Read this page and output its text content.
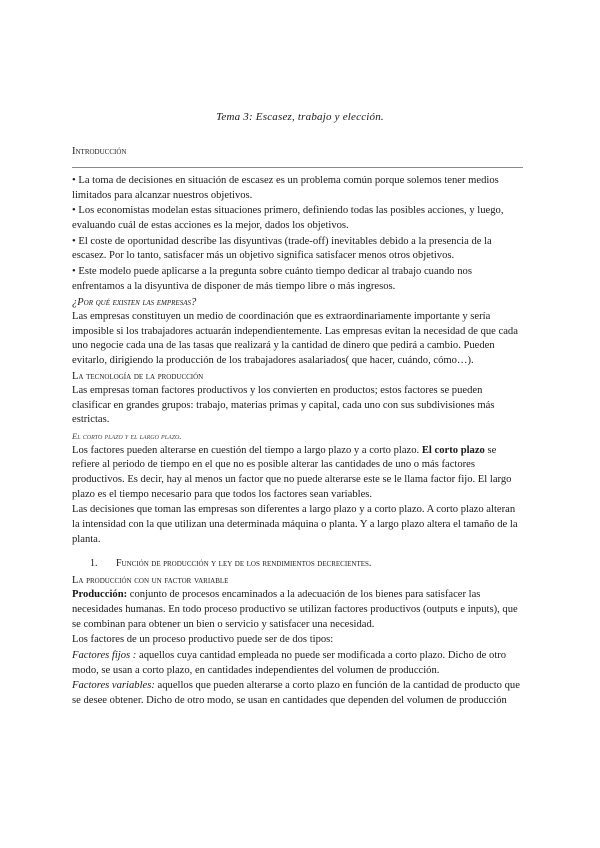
Tema 3: Escasez, trabajo y elección.
Introducción

• La toma de decisiones en situación de escasez es un problema común porque solemos tener medios limitados para alcanzar nuestros objetivos.

• Los economistas modelan estas situaciones primero, definiendo todas las posibles acciones, y luego, evaluando cuál de estas acciones es la mejor, dados los objetivos.

• El coste de oportunidad describe las disyuntivas (trade-off) inevitables debido a la presencia de la escasez. Por lo tanto, satisfacer más un objetivo significa satisfacer menos otros objetivos.

• Este modelo puede aplicarse a la pregunta sobre cuánto tiempo dedicar al trabajo cuando nos enfrentamos a la disyuntiva de disponer de más tiempo libre o más ingresos.

¿Por qué existen las empresas?

Las empresas constituyen un medio de coordinación que es extraordinariamente importante y sería imposible si los trabajadores actuarán independientemente. Las empresas evitan la necesidad de que cada uno negocie cada una de las tasas que realizará y la cantidad de dinero que pedirá a cambio. Pueden evitarlo, dirigiendo la producción de los trabajadores asalariados( que hacer, cuándo, cómo…).

La tecnología de la producción

Las empresas toman factores productivos y los convierten en productos; estos factores se pueden clasificar en grandes grupos: trabajo, materias primas y capital, cada uno con sus subdivisiones más estrictas.

El corto plazo y el largo plazo.

Los factores pueden alterarse en cuestión del tiempo a largo plazo y a corto plazo. El corto plazo se refiere al periodo de tiempo en el que no es posible alterar las cantidades de uno o más factores productivos. Es decir, hay al menos un factor que no puede alterarse este se le llama factor fijo. El largo plazo es el tiempo necesario para que todos los factores sean variables.

Las decisiones que toman las empresas son diferentes a largo plazo y a corto plazo. A corto plazo alteran la intensidad con la que utilizan una determinada máquina o planta. Y a largo plazo altera el tamaño de la planta.

1. Función de producción y ley de los rendimientos decrecientes.

La producción con un factor variable

Producción: conjunto de procesos encaminados a la adecuación de los bienes para satisfacer las necesidades humanas. En todo proceso productivo se utilizan factores productivos (outputs e inputs), que se combinan para obtener un bien o servicio y satisfacer una necesidad.

Los factores de un proceso productivo puede ser de dos tipos:

Factores fijos : aquellos cuya cantidad empleada no puede ser modificada a corto plazo. Dicho de otro modo, se usan a corto plazo, en cantidades independientes del volumen de producción.

Factores variables: aquellos que pueden alterarse a corto plazo en función de la cantidad de producto que se desee obtener. Dicho de otro modo, se usan en cantidades que dependen del volumen de producción
